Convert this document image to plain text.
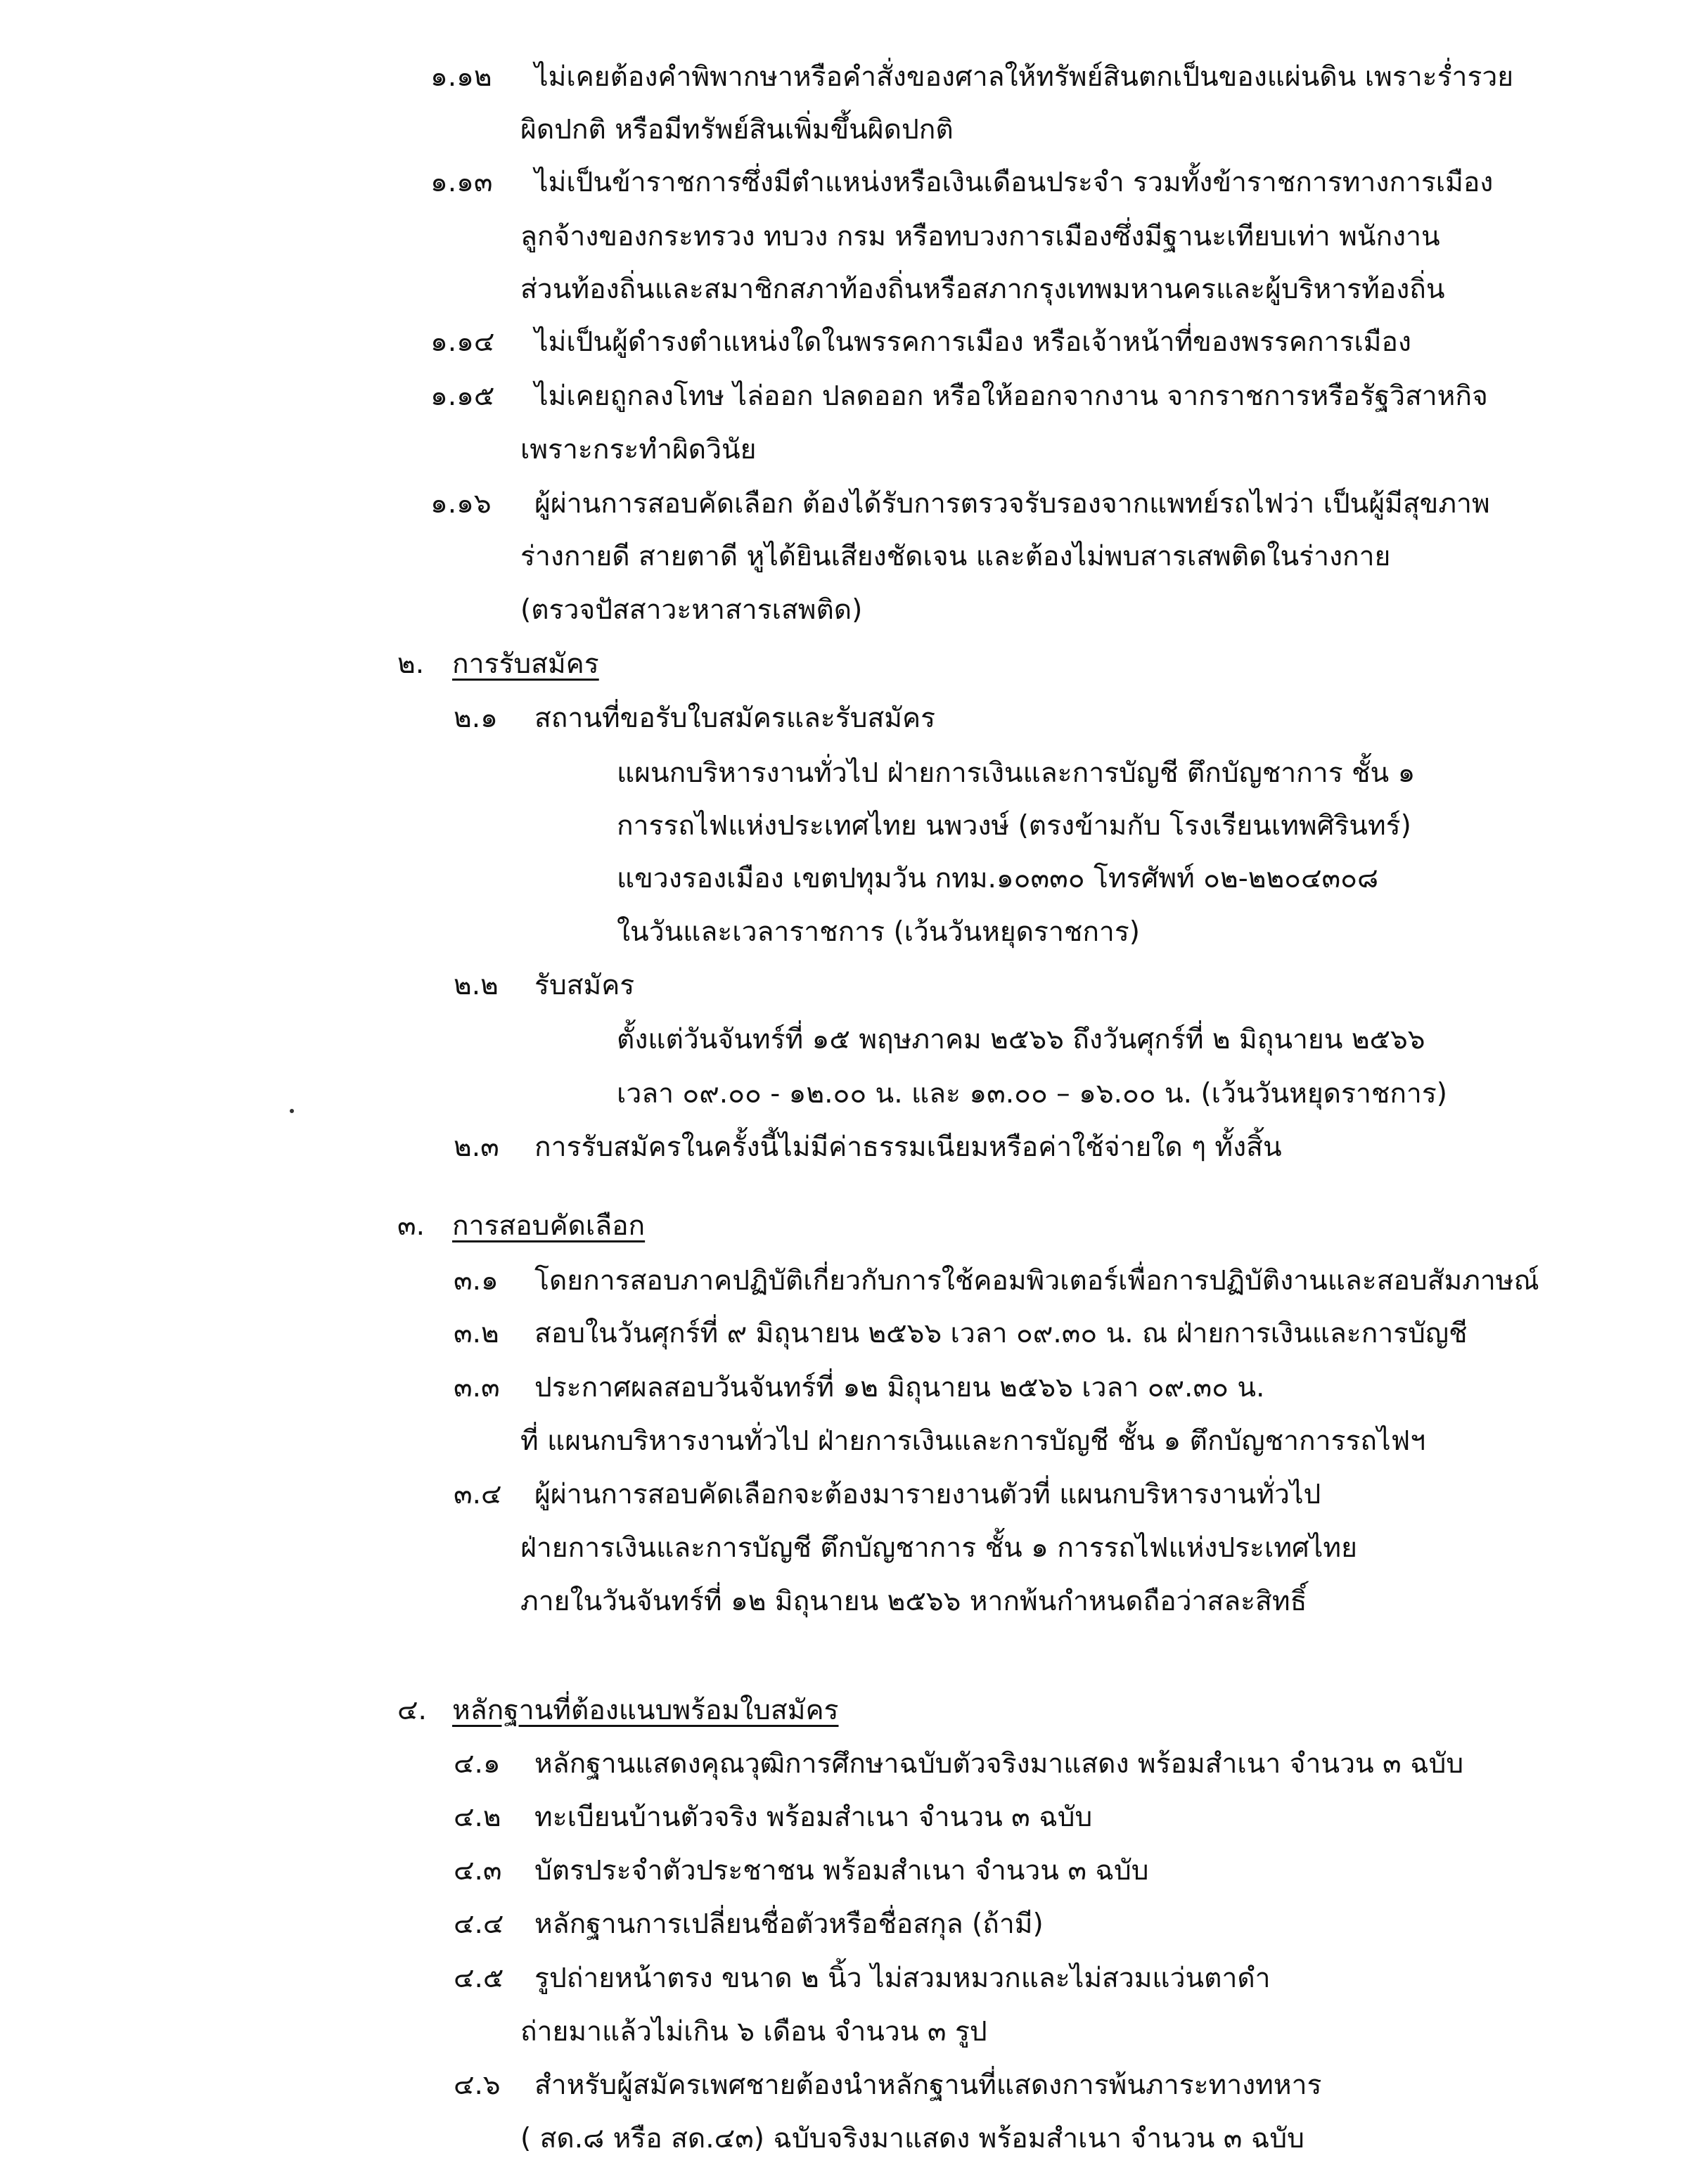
๑.๑๒ ไม่เคยต้องคำพิพากษาหรือคำสั่งของศาลให้ทรัพย์สินตกเป็นของแผ่นดิน เพราะร่ำรวย
ผิดปกติ หรือมีทรัพย์สินเพิ่มขึ้นผิดปกติ
๑.๑๓ ไม่เป็นข้าราชการซึ่งมีตำแหน่งหรือเงินเดือนประจำ รวมทั้งข้าราชการทางการเมือง
ลูกจ้างของกระทรวง ทบวง กรม หรือทบวงการเมืองซึ่งมีฐานะเทียบเท่า พนักงาน
ส่วนท้องถิ่นและสมาชิกสภาท้องถิ่นหรือสภากรุงเทพมหานครและผู้บริหารท้องถิ่น
๑.๑๔ ไม่เป็นผู้ดำรงตำแหน่งใดในพรรคการเมือง หรือเจ้าหน้าที่ของพรรคการเมือง
๑.๑๕ ไม่เคยถูกลงโทษ ไล่ออก ปลดออก หรือให้ออกจากงาน จากราชการหรือรัฐวิสาหกิจ
เพราะกระทำผิดวินัย
๑.๑๖ ผู้ผ่านการสอบคัดเลือก ต้องได้รับการตรวจรับรองจากแพทย์รถไฟว่า เป็นผู้มีสุขภาพ
ร่างกายดี สายตาดี หูได้ยินเสียงชัดเจน และต้องไม่พบสารเสพติดในร่างกาย
(ตรวจปัสสาวะหาสารเสพติด)
๒. การรับสมัคร
๒.๑ สถานที่ขอรับใบสมัครและรับสมัคร
แผนกบริหารงานทั่วไป ฝ่ายการเงินและการบัญชี ตึกบัญชาการ ชั้น ๑
การรถไฟแห่งประเทศไทย นพวงษ์ (ตรงข้ามกับ โรงเรียนเทพศิรินทร์)
แขวงรองเมือง เขตปทุมวัน กทม.๑๐๓๓๐ โทรศัพท์ ๐๒-๒๒๐๔๓๐๘
ในวันและเวลาราชการ (เว้นวันหยุดราชการ)
๒.๒ รับสมัคร
ตั้งแต่วันจันทร์ที่ ๑๕ พฤษภาคม ๒๕๖๖ ถึงวันศุกร์ที่ ๒ มิถุนายน ๒๕๖๖
เวลา ๐๙.๐๐ - ๑๒.๐๐ น. และ ๑๓.๐๐ – ๑๖.๐๐ น. (เว้นวันหยุดราชการ)
๒.๓ การรับสมัครในครั้งนี้ไม่มีค่าธรรมเนียมหรือค่าใช้จ่ายใด ๆ ทั้งสิ้น
๓. การสอบคัดเลือก
๓.๑ โดยการสอบภาคปฏิบัติเกี่ยวกับการใช้คอมพิวเตอร์เพื่อการปฏิบัติงานและสอบสัมภาษณ์
๓.๒ สอบในวันศุกร์ที่ ๙ มิถุนายน ๒๕๖๖ เวลา ๐๙.๓๐ น. ณ ฝ่ายการเงินและการบัญชี
๓.๓ ประกาศผลสอบวันจันทร์ที่ ๑๒ มิถุนายน ๒๕๖๖ เวลา ๐๙.๓๐ น.
ที่ แผนกบริหารงานทั่วไป ฝ่ายการเงินและการบัญชี ชั้น ๑ ตึกบัญชาการรถไฟฯ
๓.๔ ผู้ผ่านการสอบคัดเลือกจะต้องมารายงานตัวที่ แผนกบริหารงานทั่วไป
ฝ่ายการเงินและการบัญชี ตึกบัญชาการ ชั้น ๑ การรถไฟแห่งประเทศไทย
ภายในวันจันทร์ที่ ๑๒ มิถุนายน ๒๕๖๖ หากพ้นกำหนดถือว่าสละสิทธิ์
๔. หลักฐานที่ต้องแนบพร้อมใบสมัคร
๔.๑ หลักฐานแสดงคุณวุฒิการศึกษาฉบับตัวจริงมาแสดง พร้อมสำเนา จำนวน ๓ ฉบับ
๔.๒ ทะเบียนบ้านตัวจริง พร้อมสำเนา จำนวน ๓ ฉบับ
๔.๓ บัตรประจำตัวประชาชน พร้อมสำเนา จำนวน ๓ ฉบับ
๔.๔ หลักฐานการเปลี่ยนชื่อตัวหรือชื่อสกุล (ถ้ามี)
๔.๕ รูปถ่ายหน้าตรง ขนาด ๒ นิ้ว ไม่สวมหมวกและไม่สวมแว่นตาดำ
ถ่ายมาแล้วไม่เกิน ๖ เดือน จำนวน ๓ รูป
๔.๖ สำหรับผู้สมัครเพศชายต้องนำหลักฐานที่แสดงการพ้นภาระทางทหาร
( สด.๘ หรือ สด.๔๓) ฉบับจริงมาแสดง พร้อมสำเนา จำนวน ๓ ฉบับ
